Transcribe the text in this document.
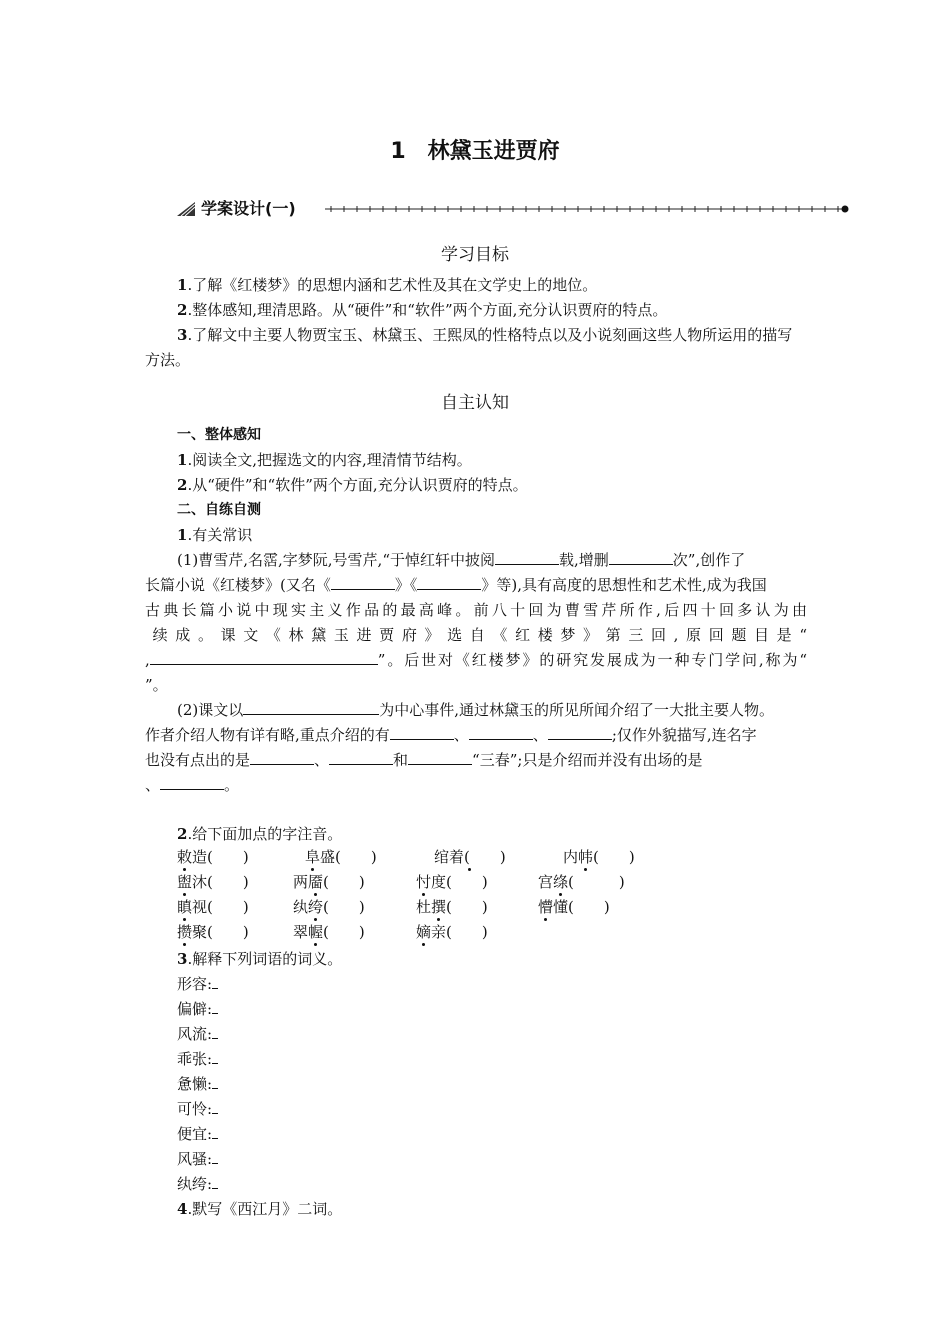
1 林黛玉进贾府
学案设计(一)
学习目标
1.了解《红楼梦》的思想内涵和艺术性及其在文学史上的地位。
2.整体感知,理清思路。从“硬件”和“软件”两个方面,充分认识贾府的特点。
3.了解文中主要人物贾宝玉、林黛玉、王熙凤的性格特点以及小说刻画这些人物所运用的描写方法。
自主认知
一、整体感知
1.阅读全文,把握选文的内容,理清情节结构。
2.从“硬件”和“软件”两个方面,充分认识贾府的特点。
二、自练自测
1.有关常识
(1)曹雪芹,名霑,字梦阮,号雪芹,“于悼红轩中披阅	载,增删	次”,创作了
长篇小说《红楼梦》(又名《	》《	》等),具有高度的思想性和艺术性,成为我国
古典长篇小说中现实主义作品的最高峰。前八十回为曹雪芹所作,后四十回多认为由
续成。课文《林黛玉进贾府》选自《红楼梦》第三回,原回题目是“
,	”。后世对《红楼梦》的研究发展成为一种专门学问,称为“
”。
(2)课文以	为中心事件,通过林黛玉的所见所闻介绍了一大批主要人物。
作者介绍人物有详有略,重点介绍的有	、	、	;仅作外貌描写,连名字
也没有点出的是	、	和	“三春”;只是介绍而并没有出场的是
、	。
2.给下面加点的字注音。
敕造(　　)	阜盛(　　)	绾着(　　)	内帏(　　)
盥沐(　　)	两靥(　　)	忖度(　　)	宫绦(　　　)
瞋视(　　)	纨绔(　　)	杜撰(　　)	懵懂(　　)
攒聚(　　)	翠幄(　　)	嫡亲(　　)
3.解释下列词语的词义。
形容:
偏僻:
风流:
乖张:
惫懒:
可怜:
便宜:
风骚:
纨绔:
4.默写《西江月》二词。
